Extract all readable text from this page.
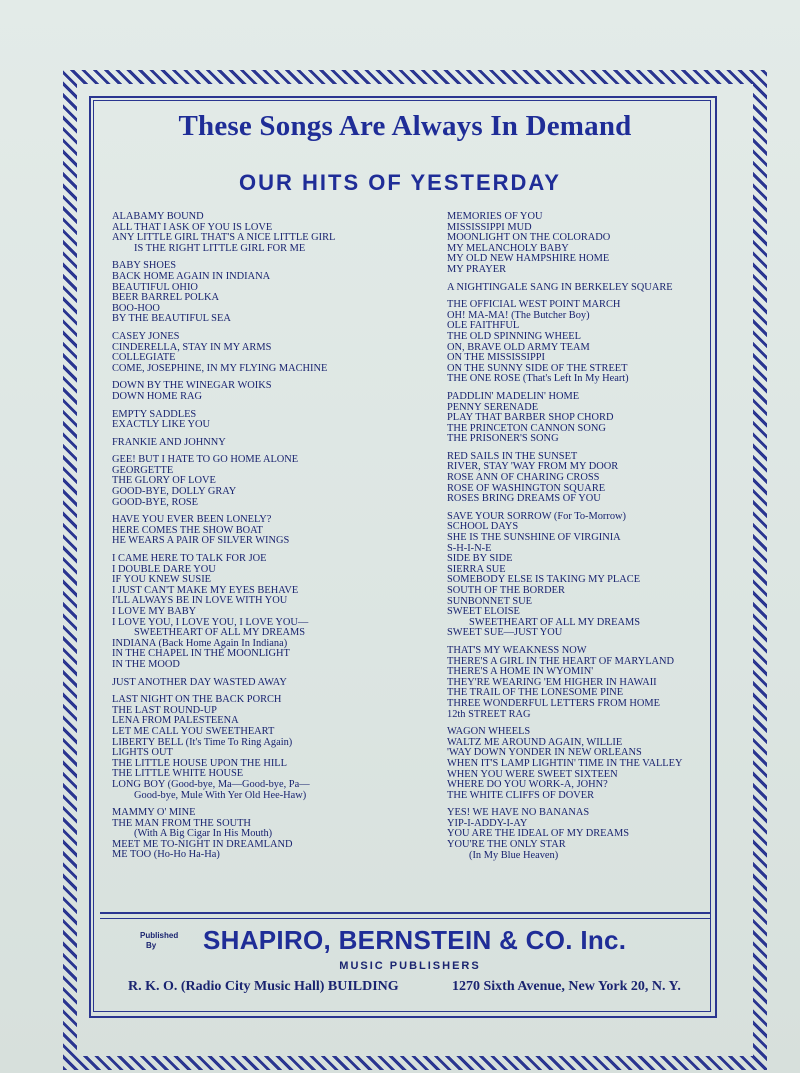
These Songs Are Always In Demand
OUR HITS OF YESTERDAY
ALABAMY BOUND
ALL THAT I ASK OF YOU IS LOVE
ANY LITTLE GIRL THAT'S A NICE LITTLE GIRL
IS THE RIGHT LITTLE GIRL FOR ME
BABY SHOES
BACK HOME AGAIN IN INDIANA
BEAUTIFUL OHIO
BEER BARREL POLKA
BOO-HOO
BY THE BEAUTIFUL SEA
CASEY JONES
CINDERELLA, STAY IN MY ARMS
COLLEGIATE
COME, JOSEPHINE, IN MY FLYING MACHINE
DOWN BY THE WINEGAR WOIKS
DOWN HOME RAG
EMPTY SADDLES
EXACTLY LIKE YOU
FRANKIE AND JOHNNY
GEE! BUT I HATE TO GO HOME ALONE
GEORGETTE
THE GLORY OF LOVE
GOOD-BYE, DOLLY GRAY
GOOD-BYE, ROSE
HAVE YOU EVER BEEN LONELY?
HERE COMES THE SHOW BOAT
HE WEARS A PAIR OF SILVER WINGS
I CAME HERE TO TALK FOR JOE
I DOUBLE DARE YOU
IF YOU KNEW SUSIE
I JUST CAN'T MAKE MY EYES BEHAVE
I'LL ALWAYS BE IN LOVE WITH YOU
I LOVE MY BABY
I LOVE YOU, I LOVE YOU, I LOVE YOU—
SWEETHEART OF ALL MY DREAMS
INDIANA (Back Home Again In Indiana)
IN THE CHAPEL IN THE MOONLIGHT
IN THE MOOD
JUST ANOTHER DAY WASTED AWAY
LAST NIGHT ON THE BACK PORCH
THE LAST ROUND-UP
LENA FROM PALESTEENA
LET ME CALL YOU SWEETHEART
LIBERTY BELL (It's Time To Ring Again)
LIGHTS OUT
THE LITTLE HOUSE UPON THE HILL
THE LITTLE WHITE HOUSE
LONG BOY (Good-bye, Ma—Good-bye, Pa—
Good-bye, Mule With Yer Old Hee-Haw)
MAMMY O' MINE
THE MAN FROM THE SOUTH
(With A Big Cigar In His Mouth)
MEET ME TO-NIGHT IN DREAMLAND
ME TOO (Ho-Ho Ha-Ha)
MEMORIES OF YOU
MISSISSIPPI MUD
MOONLIGHT ON THE COLORADO
MY MELANCHOLY BABY
MY OLD NEW HAMPSHIRE HOME
MY PRAYER
A NIGHTINGALE SANG IN BERKELEY SQUARE
THE OFFICIAL WEST POINT MARCH
OH! MA-MA! (The Butcher Boy)
OLE FAITHFUL
THE OLD SPINNING WHEEL
ON, BRAVE OLD ARMY TEAM
ON THE MISSISSIPPI
ON THE SUNNY SIDE OF THE STREET
THE ONE ROSE (That's Left In My Heart)
PADDLIN' MADELIN' HOME
PENNY SERENADE
PLAY THAT BARBER SHOP CHORD
THE PRINCETON CANNON SONG
THE PRISONER'S SONG
RED SAILS IN THE SUNSET
RIVER, STAY 'WAY FROM MY DOOR
ROSE ANN OF CHARING CROSS
ROSE OF WASHINGTON SQUARE
ROSES BRING DREAMS OF YOU
SAVE YOUR SORROW (For To-Morrow)
SCHOOL DAYS
SHE IS THE SUNSHINE OF VIRGINIA
S-H-I-N-E
SIDE BY SIDE
SIERRA SUE
SOMEBODY ELSE IS TAKING MY PLACE
SOUTH OF THE BORDER
SUNBONNET SUE
SWEET ELOISE
SWEETHEART OF ALL MY DREAMS
SWEET SUE—JUST YOU
THAT'S MY WEAKNESS NOW
THERE'S A GIRL IN THE HEART OF MARYLAND
THERE'S A HOME IN WYOMIN'
THEY'RE WEARING 'EM HIGHER IN HAWAII
THE TRAIL OF THE LONESOME PINE
THREE WONDERFUL LETTERS FROM HOME
12th STREET RAG
WAGON WHEELS
WALTZ ME AROUND AGAIN, WILLIE
'WAY DOWN YONDER IN NEW ORLEANS
WHEN IT'S LAMP LIGHTIN' TIME IN THE VALLEY
WHEN YOU WERE SWEET SIXTEEN
WHERE DO YOU WORK-A, JOHN?
THE WHITE CLIFFS OF DOVER
YES! WE HAVE NO BANANAS
YIP-I-ADDY-I-AY
YOU ARE THE IDEAL OF MY DREAMS
YOU'RE THE ONLY STAR
(In My Blue Heaven)
Published
By	SHAPIRO, BERNSTEIN & CO. Inc.
MUSIC PUBLISHERS
R. K. O. (Radio City Music Hall) BUILDING	1270 Sixth Avenue, New York 20, N. Y.
